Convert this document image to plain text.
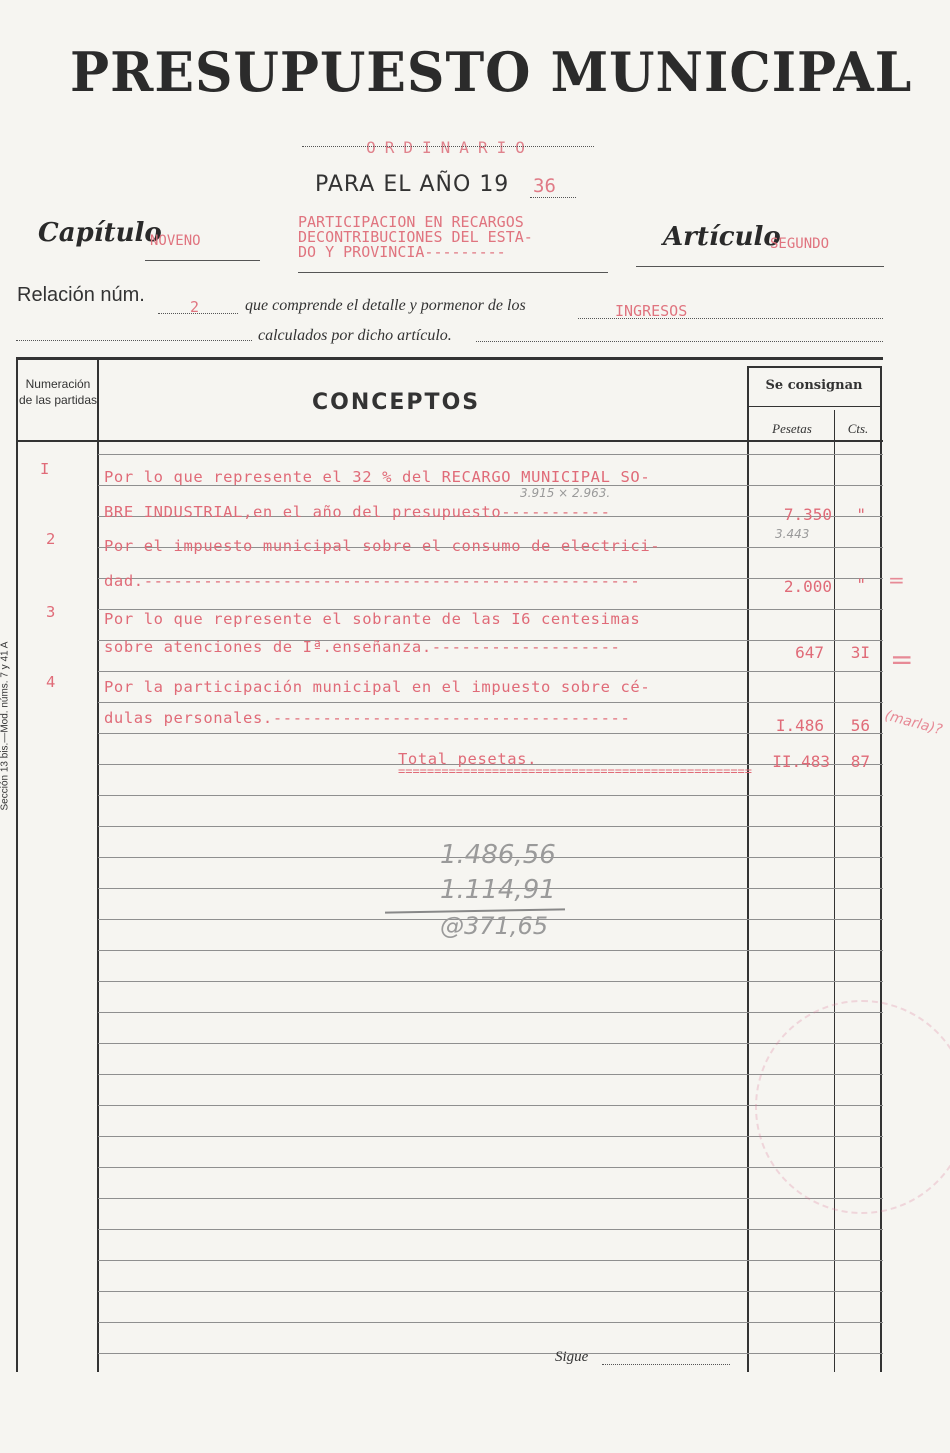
PRESUPUESTO MUNICIPAL
ORDINARIO
PARA EL AÑO 19 36
Capítulo
NOVENO
PARTICIPACION EN RECARGOS
DECONTRIBUCIONES DEL ESTA-
DO Y PROVINCIA---------	Artículo
SEGUNDO
Relación núm.
2	que comprende el detalle y pormenor de los	INGRESOS
calculados por dicho artículo.
Sección 13 bis.—Mod. núms. 7 y 41 A
Numeración de las partidas	CONCEPTOS
Se consignan
Pesetas	Cts.
I	Por lo que represente el 32 % del RECARGO MUNICIPAL SO-
BRE INDUSTRIAL,en el año del presupuesto-----------	7.350	"
2	Por el impuesto municipal sobre el consumo de electrici-
dad.--------------------------------------------------	2.000	"
3	Por lo que represente el sobrante de las I6 centesimas
sobre atenciones de Iª.enseñanza.-------------------	647	3I
4	Por la participación municipal en el impuesto sobre cé-
dulas personales.------------------------------------	I.486	56
Total pesetas.	II.483	87
=================================================
3.915 × 2.963.
3.443
1.486,56
1.114,91
@371,65
=
=
(marla)?
Sigue
